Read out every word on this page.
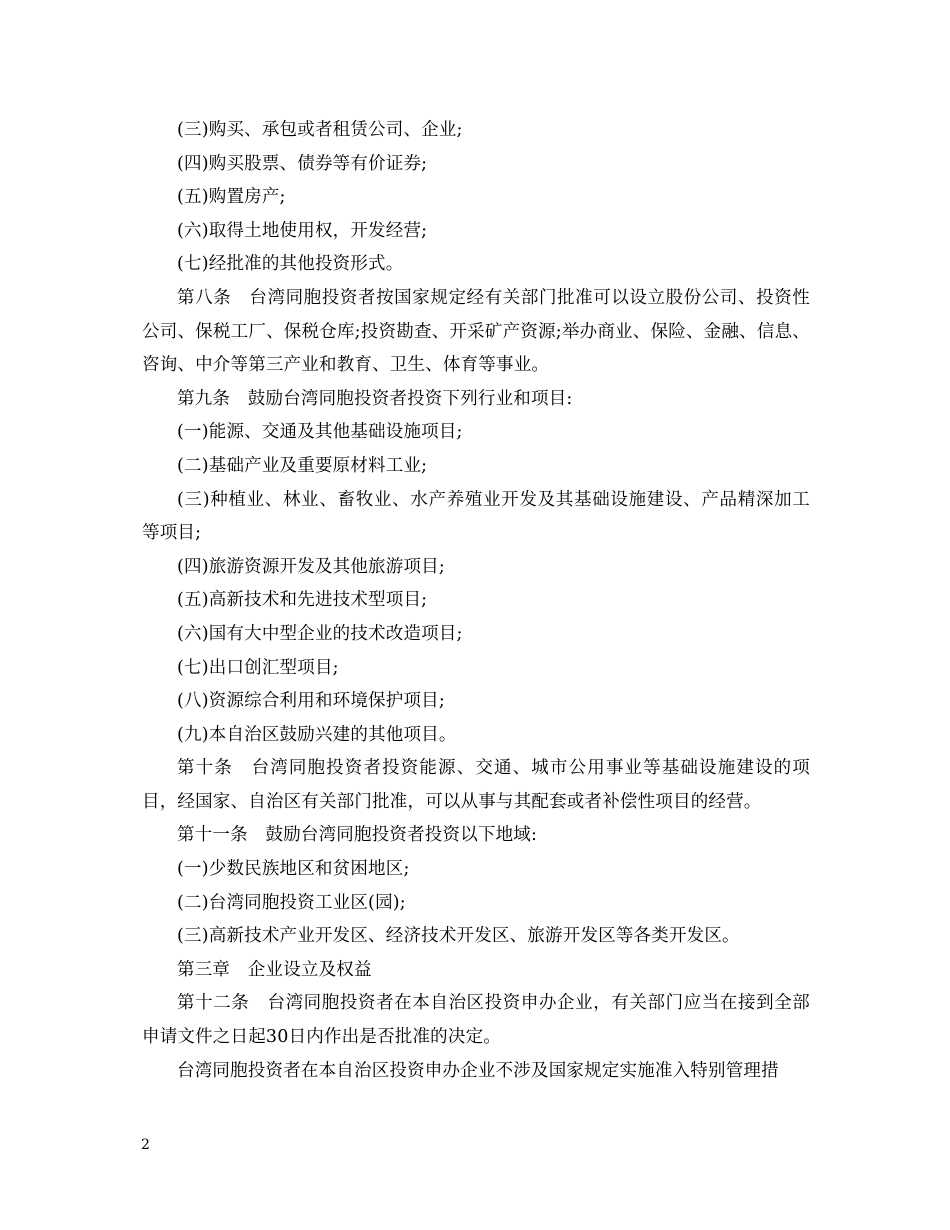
(三)购买、承包或者租赁公司、企业;

(四)购买股票、债券等有价证券;

(五)购置房产;

(六)取得土地使用权，开发经营;

(七)经批准的其他投资形式。

第八条　台湾同胞投资者按国家规定经有关部门批准可以设立股份公司、投资性公司、保税工厂、保税仓库;投资勘查、开采矿产资源;举办商业、保险、金融、信息、咨询、中介等第三产业和教育、卫生、体育等事业。

第九条　鼓励台湾同胞投资者投资下列行业和项目:

(一)能源、交通及其他基础设施项目;

(二)基础产业及重要原材料工业;

(三)种植业、林业、畜牧业、水产养殖业开发及其基础设施建设、产品精深加工等项目;

(四)旅游资源开发及其他旅游项目;

(五)高新技术和先进技术型项目;

(六)国有大中型企业的技术改造项目;

(七)出口创汇型项目;

(八)资源综合利用和环境保护项目;

(九)本自治区鼓励兴建的其他项目。

第十条　台湾同胞投资者投资能源、交通、城市公用事业等基础设施建设的项目，经国家、自治区有关部门批准，可以从事与其配套或者补偿性项目的经营。

第十一条　鼓励台湾同胞投资者投资以下地域:

(一)少数民族地区和贫困地区;

(二)台湾同胞投资工业区(园);

(三)高新技术产业开发区、经济技术开发区、旅游开发区等各类开发区。

第三章　企业设立及权益

第十二条　台湾同胞投资者在本自治区投资申办企业，有关部门应当在接到全部申请文件之日起30日内作出是否批准的决定。

台湾同胞投资者在本自治区投资申办企业不涉及国家规定实施准入特别管理措

2
